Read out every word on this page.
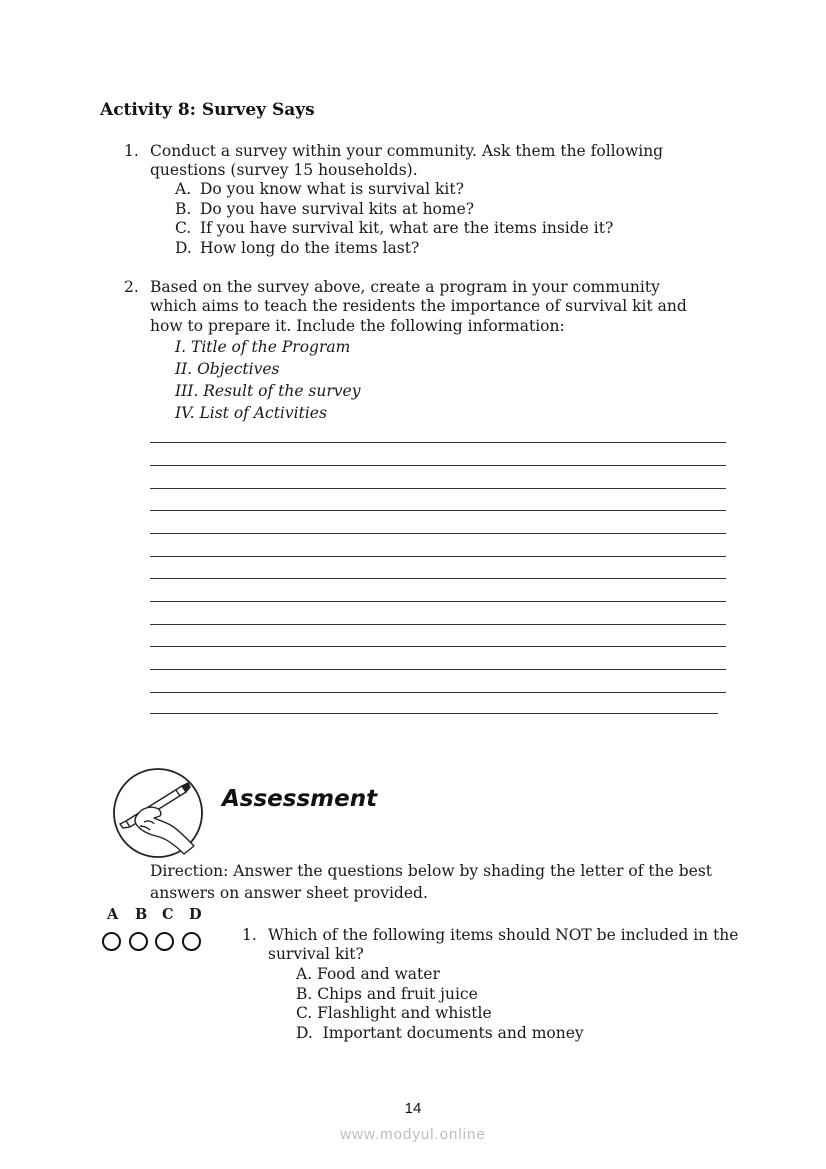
Activity 8: Survey Says
1. Conduct a survey within your community. Ask them the following
questions (survey 15 households).
A. Do you know what is survival kit?
B. Do you have survival kits at home?
C. If you have survival kit, what are the items inside it?
D. How long do the items last?
2. Based on the survey above, create a program in your community
which aims to teach the residents the importance of survival kit and
how to prepare it. Include the following information:
I. Title of the Program
II. Objectives
III. Result of the survey
IV. List of Activities
Assessment
Direction: Answer the questions below by shading the letter of the best
answers on answer sheet provided.
A B C D
1. Which of the following items should NOT be included in the
survival kit?
A. Food and water
B. Chips and fruit juice
C. Flashlight and whistle
D.  Important documents and money
14
www.modyul.online
